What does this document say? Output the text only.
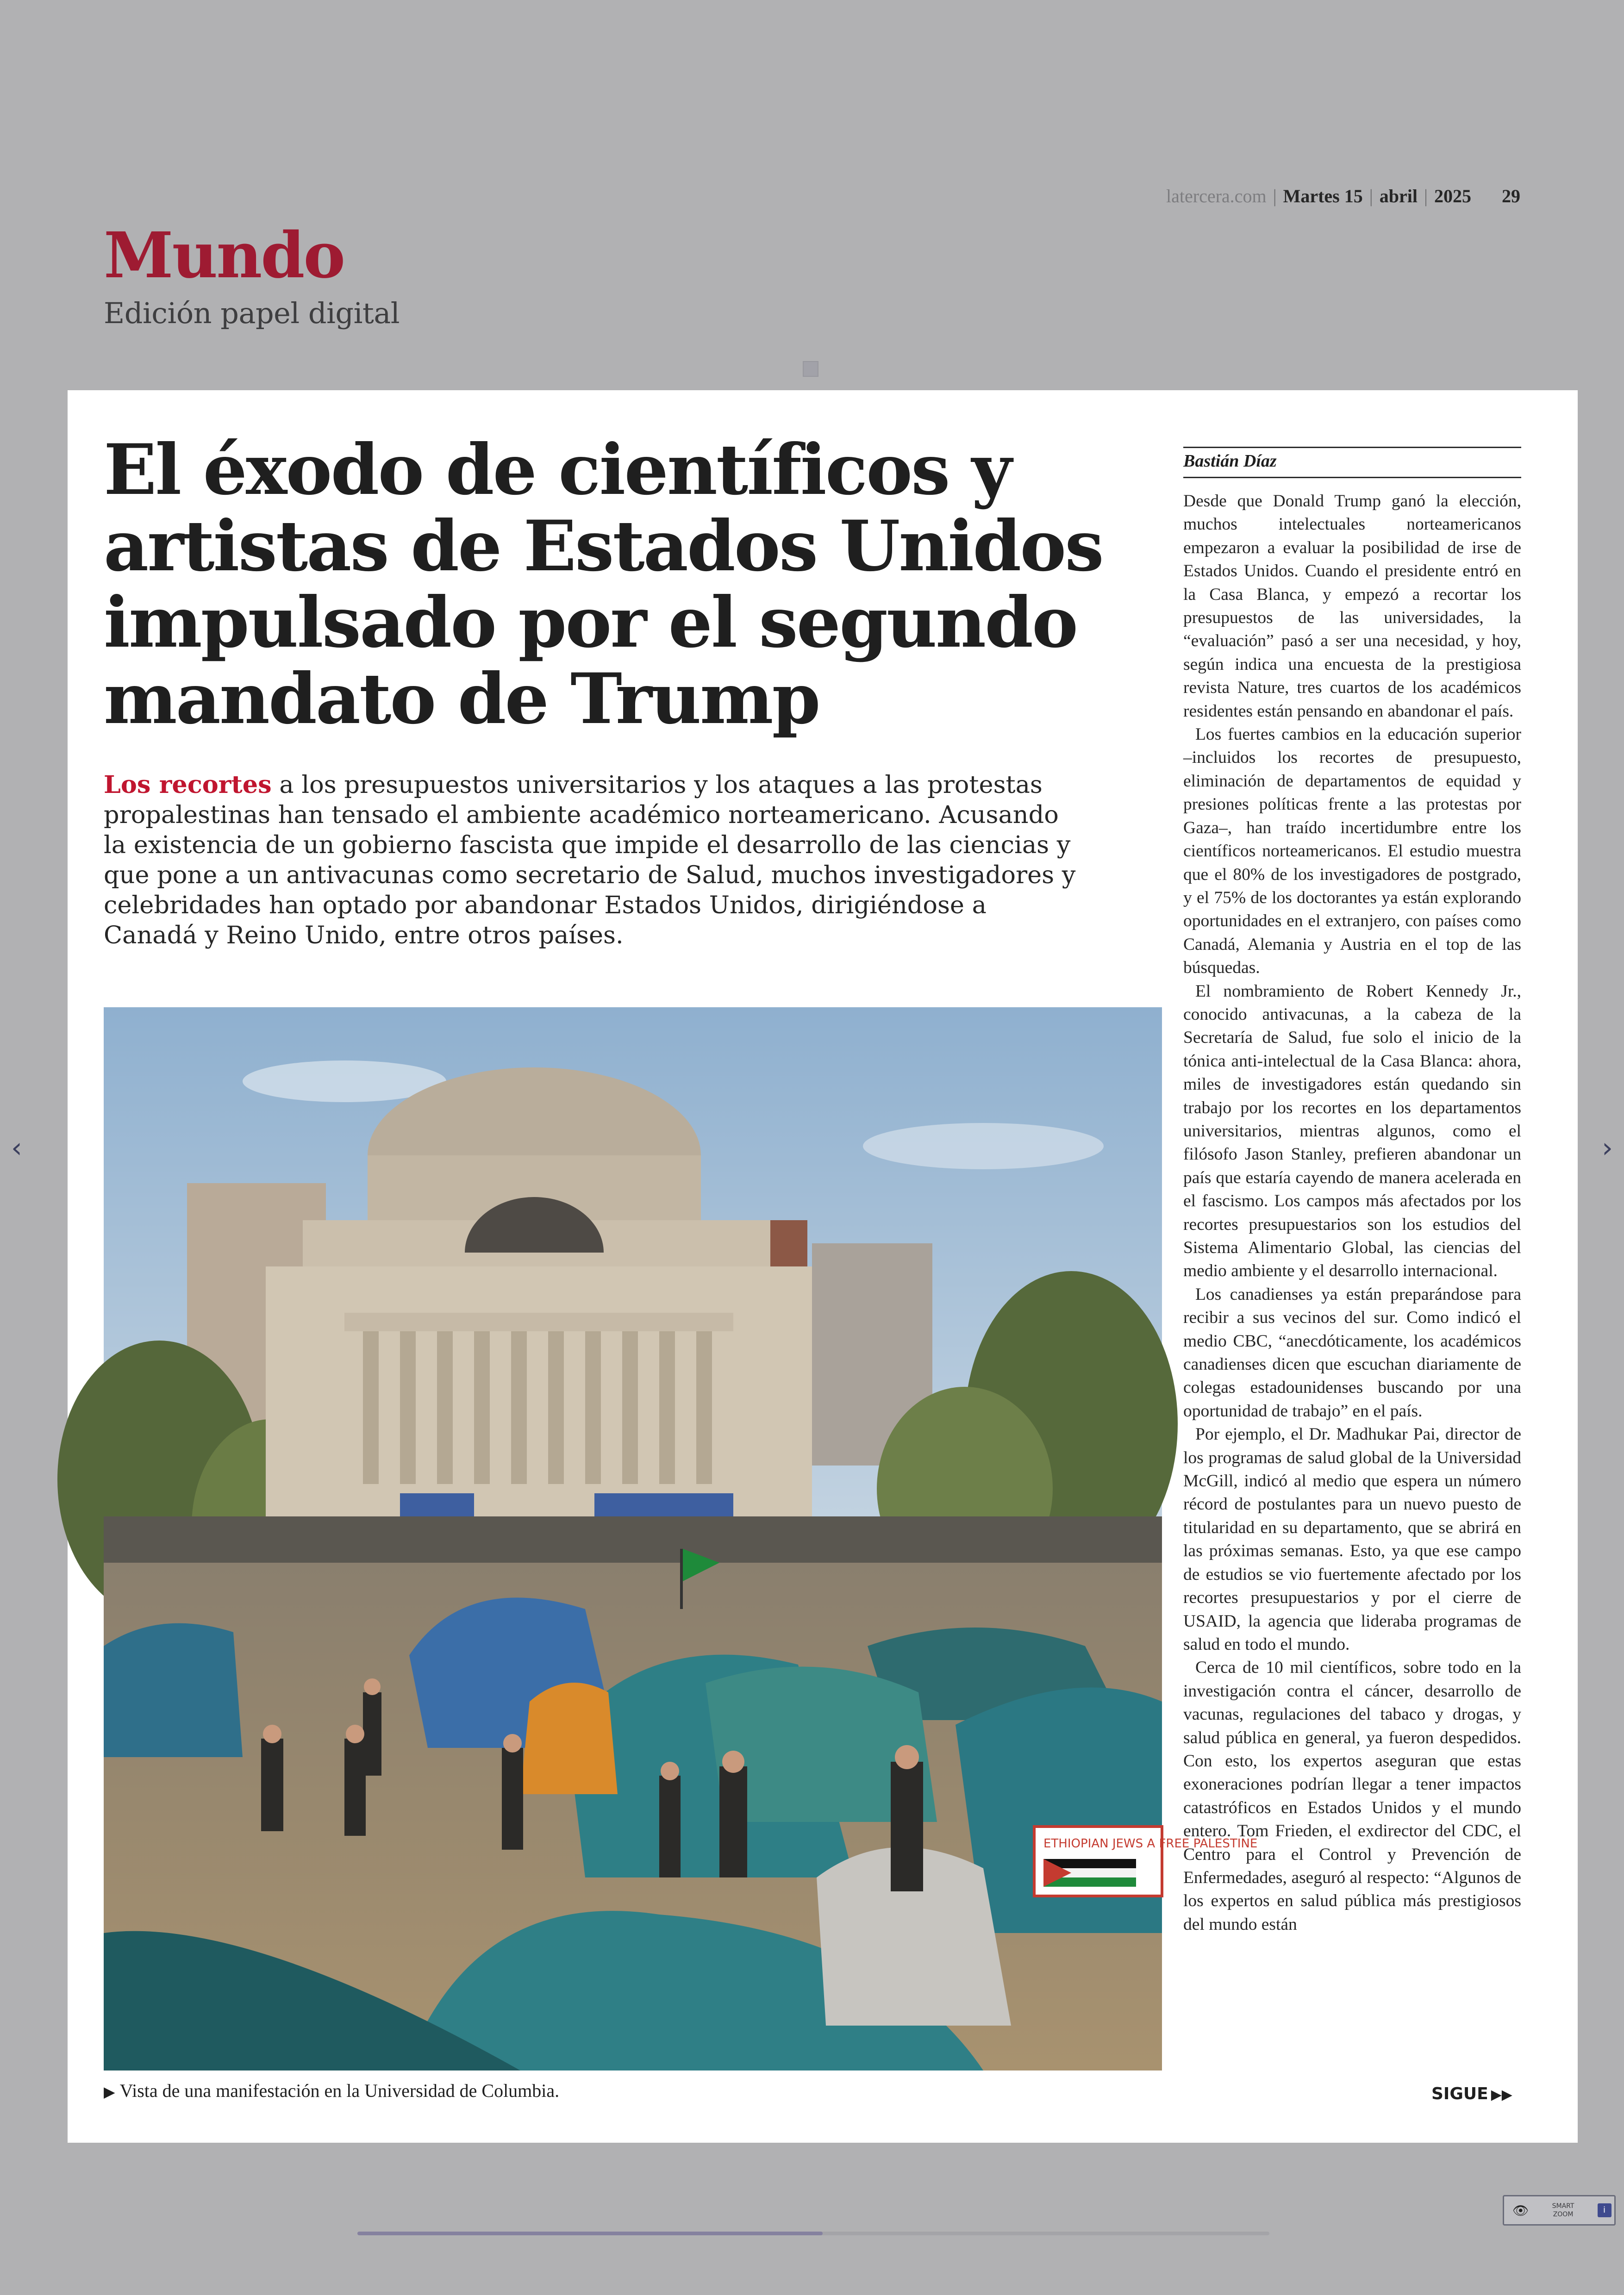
latercera.com | Martes 15 | abril | 2025 29
Mundo
Edición papel digital
El éxodo de científicos y artistas de Estados Unidos impulsado por el segundo mandato de Trump

Los recortes a los presupuestos universitarios y los ataques a las protestas propalestinas han tensado el ambiente académico norteamericano. Acusando la existencia de un gobierno fascista que impide el desarrollo de las ciencias y que pone a un antivacunas como secretario de Salud, muchos investigadores y celebridades han optado por abandonar Estados Unidos, dirigiéndose a Canadá y Reino Unido, entre otros países.

ETHIOPIAN JEWS A FREE PALESTINE
▶ Vista de una manifestación en la Universidad de Columbia.
Bastián Díaz

Desde que Donald Trump ganó la elección, muchos intelectuales norteamericanos empezaron a evaluar la posibilidad de irse de Estados Unidos. Cuando el presidente entró en la Casa Blanca, y empezó a recortar los presupuestos de las universidades, la “evaluación” pasó a ser una necesidad, y hoy, según indica una encuesta de la prestigiosa revista Nature, tres cuartos de los académicos residentes están pensando en abandonar el país.

Los fuertes cambios en la educación superior –incluidos los recortes de presupuesto, eliminación de departamentos de equidad y presiones políticas frente a las protestas por Gaza–, han traído incertidumbre entre los científicos norteamericanos. El estudio muestra que el 80% de los investigadores de postgrado, y el 75% de los doctorantes ya están explorando oportunidades en el extranjero, con países como Canadá, Alemania y Austria en el top de las búsquedas.

El nombramiento de Robert Kennedy Jr., conocido antivacunas, a la cabeza de la Secretaría de Salud, fue solo el inicio de la tónica anti-intelectual de la Casa Blanca: ahora, miles de investigadores están quedando sin trabajo por los recortes en los departamentos universitarios, mientras algunos, como el filósofo Jason Stanley, prefieren abandonar un país que estaría cayendo de manera acelerada en el fascismo. Los campos más afectados por los recortes presupuestarios son los estudios del Sistema Alimentario Global, las ciencias del medio ambiente y el desarrollo internacional.

Los canadienses ya están preparándose para recibir a sus vecinos del sur. Como indicó el medio CBC, “anecdóticamente, los académicos canadienses dicen que escuchan diariamente de colegas estadounidenses buscando por una oportunidad de trabajo” en el país.

Por ejemplo, el Dr. Madhukar Pai, director de los programas de salud global de la Universidad McGill, indicó al medio que espera un número récord de postulantes para un nuevo puesto de titularidad en su departamento, que se abrirá en las próximas semanas. Esto, ya que ese campo de estudios se vio fuertemente afectado por los recortes presupuestarios y por el cierre de USAID, la agencia que lideraba programas de salud en todo el mundo.

Cerca de 10 mil científicos, sobre todo en la investigación contra el cáncer, desarrollo de vacunas, regulaciones del tabaco y drogas, y salud pública en general, ya fueron despedidos. Con esto, los expertos aseguran que estas exoneraciones podrían llegar a tener impactos catastróficos en Estados Unidos y el mundo entero. Tom Frieden, el exdirector del CDC, el Centro para el Control y Prevención de Enfermedades, aseguró al respecto: “Algunos de los expertos en salud pública más prestigiosos del mundo están

SIGUE ▶▶
‹	›
👁	SMART
ZOOM	i
